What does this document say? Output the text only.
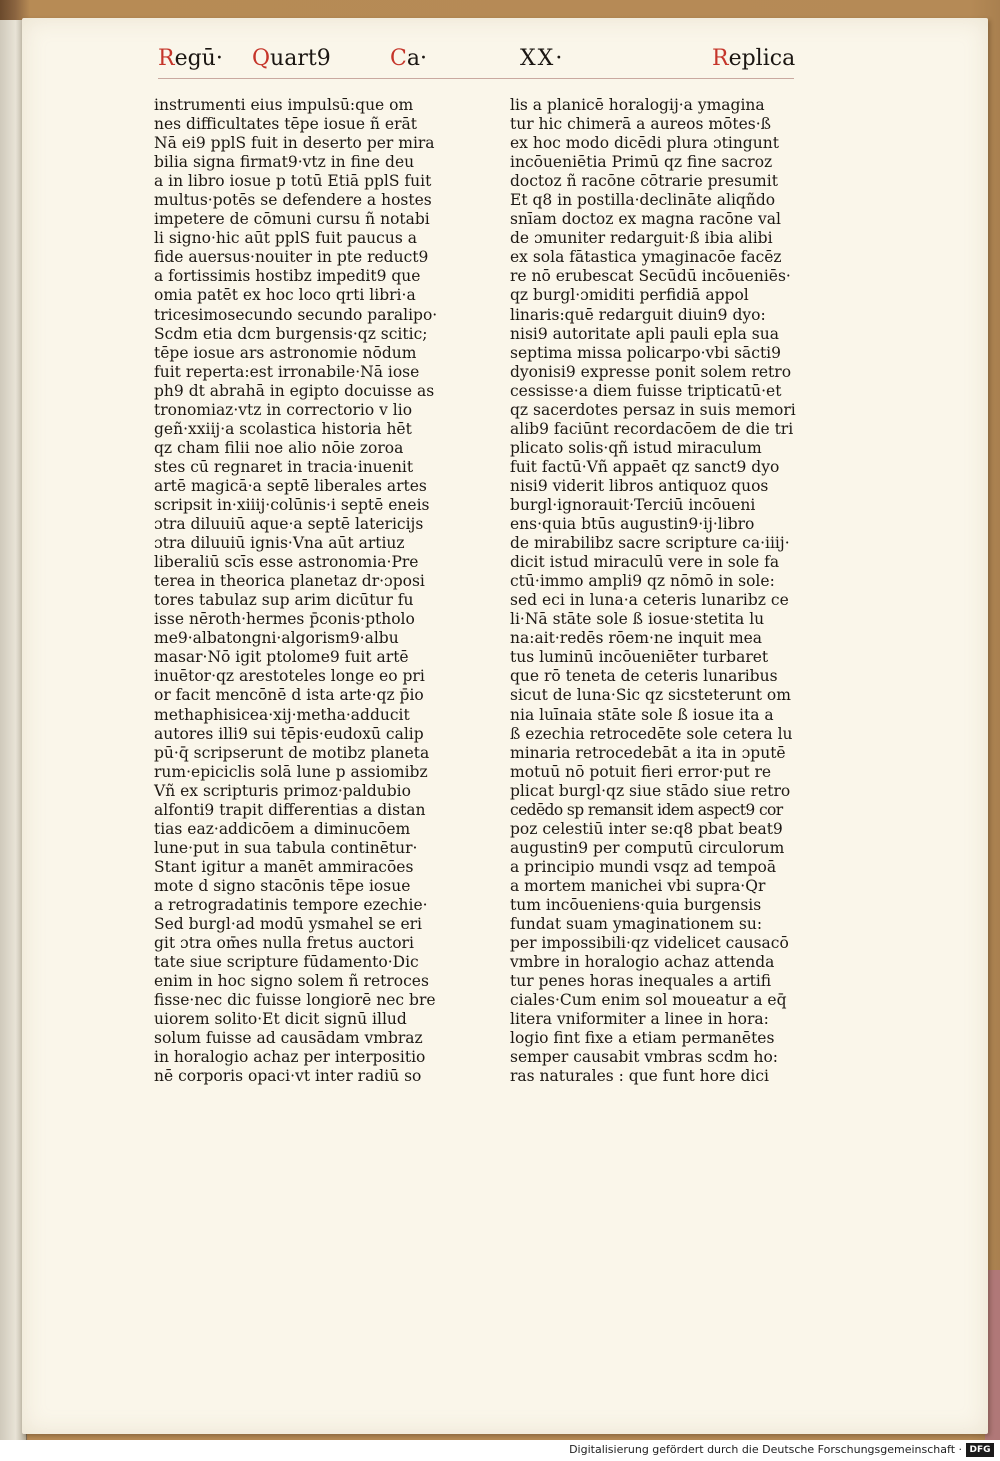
Regū· Quart9	Ca·	XX·	Replica
instrumenti eius impulsū:que om
nes difficultates tēpe iosue ñ erāt
Nā ei9 pplS fuit in deserto per mira
bilia signa firmat9·vtz in fine deu
a in libro iosue p totū Etiā pplS fuit
multus·potēs se defendere a hostes
impetere de cōmuni cursu ñ notabi
li signo·hic aūt pplS fuit paucus a
fide auersus·nouiter in pte reduct9
a fortissimis hostibz impedit9 que
omia patēt ex hoc loco qrti libri·a
tricesimosecundo secundo paralipo·
Scdm etia dcm burgensis·qz scitic;
tēpe iosue ars astronomie nōdum
fuit reperta:est irronabile·Nā iose
ph9 dt abrahā in egipto docuisse as
tronomiaz·vtz in correctorio v lio
geñ·xxiij·a scolastica historia hēt
qz cham filii noe alio nōie zoroa
stes cū regnaret in tracia·inuenit
artē magicā·a septē liberales artes
scripsit in·xiiij·colūnis·i septē eneis
ɔtra diluuiū aque·a septē latericijs
ɔtra diluuiū ignis·Vna aūt artiuz
liberaliū scīs esse astronomia·Pre
terea in theorica planetaz dr·ɔposi
tores tabulaz sup arim dicūtur fu
isse nēroth·hermes p̄conis·ptholo
me9·albatongni·algorism9·albu
masar·Nō igit ptolome9 fuit artē
inuētor·qz arestoteles longe eo pri
or facit mencōnē d ista arte·qz p̄io
methaphisicea·xij·metha·adducit
autores illi9 sui tēpis·eudoxū calip
pū·q̄ scripserunt de motibz planeta
rum·epiciclis solā lune p assiomibz
Vñ ex scripturis primoz·paldubio
alfonti9 trapit differentias a distan
tias eaz·addicōem a diminucōem
lune·put in sua tabula continētur·
Stant igitur a manēt ammiracōes
mote d signo stacōnis tēpe iosue
a retrogradatinis tempore ezechie·
Sed burgl·ad modū ysmahel se eri
git ɔtra om̄es nulla fretus auctori
tate siue scripture fūdamento·Dic
enim in hoc signo solem ñ retroces
fisse·nec dic fuisse longiorē nec bre
uiorem solito·Et dicit signū illud
solum fuisse ad causādam vmbraz
in horalogio achaz per interpositio
nē corporis opaci·vt inter radiū so
lis a planicē horalogij·a ymagina
tur hic chimerā a aureos mōtes·ß
ex hoc modo dicēdi plura ɔtingunt
incōueniētia Primū qz fine sacroz
doctoz ñ racōne cōtrarie presumit
Et q8 in postilla·declināte aliqñdo
snīam doctoz ex magna racōne val
de ɔmuniter redarguit·ß ibia alibi
ex sola fātastica ymaginacōe facēz
re nō erubescat Secūdū incōueniēs·
qz burgl·ɔmiditi perfidiā appol
linaris:quē redarguit diuin9 dyo:
nisi9 autoritate apli pauli epla sua
septima missa policarpo·vbi sācti9
dyonisi9 expresse ponit solem retro
cessisse·a diem fuisse tripticatū·et
qz sacerdotes persaz in suis memori
alib9 faciūnt recordacōem de die tri
plicato solis·qñ istud miraculum
fuit factū·Vñ appaēt qz sanct9 dyo
nisi9 viderit libros antiquoz quos
burgl·ignorauit·Terciū incōueni
ens·quia btūs augustin9·ij·libro
de mirabilibz sacre scripture ca·iiij·
dicit istud miraculū vere in sole fa
ctū·immo ampli9 qz nōmō in sole:
sed eci in luna·a ceteris lunaribz ce
li·Nā stāte sole ß iosue·stetita lu
na:ait·redēs rōem·ne inquit mea
tus luminū incōueniēter turbaret
que rō teneta de ceteris lunaribus
sicut de luna·Sic qz sicsteterunt om
nia luīnaia stāte sole ß iosue ita a
ß ezechia retrocedēte sole cetera lu
minaria retrocedebāt a ita in ɔputē
motuū nō potuit fieri error·put re
plicat burgl·qz siue stādo siue retro
cedēdo sp remansit idem aspect9 cor
poz celestiū inter se:q8 pbat beat9
augustin9 per computū circulorum
a principio mundi vsqz ad tempoā
a mortem manichei vbi supra·Qr
tum incōueniens·quia burgensis
fundat suam ymaginationem su:
per impossibili·qz videlicet causacō
vmbre in horalogio achaz attenda
tur penes horas inequales a artifi
ciales·Cum enim sol moueatur a eq̄
litera vniformiter a linee in hora:
logio fint fixe a etiam permanētes
semper causabit vmbras scdm ho:
ras naturales : que funt hore dici
Digitalisierung gefördert durch die Deutsche Forschungsgemeinschaft · DFG
